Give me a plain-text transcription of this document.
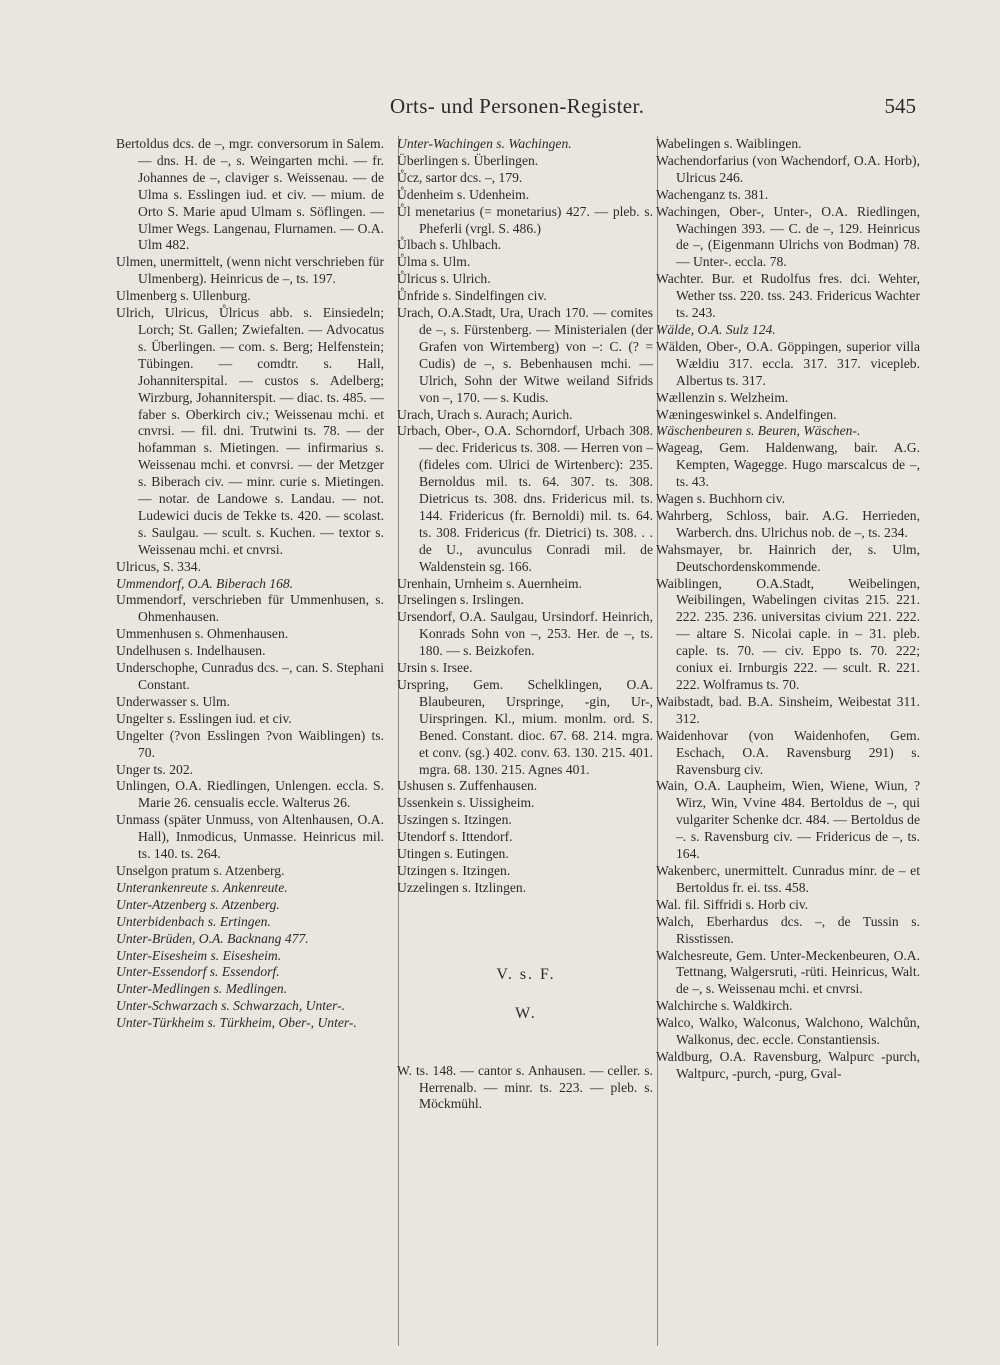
Orts- und Personen-Register.	545

Bertoldus dcs. de –, mgr. conversorum in Salem. — dns. H. de –, s. Weingarten mchi. — fr. Johannes de –, claviger s. Weissenau. — de Ulma s. Esslingen iud. et civ. — mium. de Orto S. Marie apud Ulmam s. Söflingen. — Ulmer Wegs. Langenau, Flurnamen. — O.A. Ulm 482.

Ulmen, unermittelt, (wenn nicht verschrieben für Ulmenberg). Heinricus de –, ts. 197.

Ulmenberg s. Ullenburg.

Ulrich, Ulricus, Ůlricus abb. s. Einsiedeln; Lorch; St. Gallen; Zwiefalten. — Advocatus s. Überlingen. — com. s. Berg; Helfenstein; Tübingen. — comdtr. s. Hall, Johanniterspital. — custos s. Adelberg; Wirzburg, Johanniterspit. — diac. ts. 485. — faber s. Oberkirch civ.; Weissenau mchi. et cnvrsi. — fil. dni. Trutwini ts. 78. — der hofamman s. Mietingen. — infirmarius s. Weissenau mchi. et convrsi. — der Metzger s. Biberach civ. — minr. curie s. Mietingen. — notar. de Landowe s. Landau. — not. Ludewici ducis de Tekke ts. 420. — scolast. s. Saulgau. — scult. s. Kuchen. — textor s. Weissenau mchi. et cnvrsi.

Ulricus, S. 334.

Ummendorf, O.A. Biberach 168.

Ummendorf, verschrieben für Ummenhusen, s. Ohmenhausen.

Ummenhusen s. Ohmenhausen.

Undelhusen s. Indelhausen.

Underschophe, Cunradus dcs. –, can. S. Stephani Constant.

Underwasser s. Ulm.

Ungelter s. Esslingen iud. et civ.

Ungelter (?von Esslingen ?von Waiblingen) ts. 70.

Unger ts. 202.

Unlingen, O.A. Riedlingen, Unlengen. eccla. S. Marie 26. censualis eccle. Walterus 26.

Unmass (später Unmuss, von Altenhausen, O.A. Hall), Inmodicus, Unmasse. Heinricus mil. ts. 140. ts. 264.

Unselgon pratum s. Atzenberg.

Unterankenreute s. Ankenreute.

Unter-Atzenberg s. Atzenberg.

Unterbidenbach s. Ertingen.

Unter-Brüden, O.A. Backnang 477.

Unter-Eisesheim s. Eisesheim.

Unter-Essendorf s. Essendorf.

Unter-Medlingen s. Medlingen.

Unter-Schwarzach s. Schwarzach, Unter-.

Unter-Türkheim s. Türkheim, Ober-, Unter-.

Unter-Wachingen s. Wachingen.

Überlingen s. Überlingen.

Ůcz, sartor dcs. –, 179.

Ůdenheim s. Udenheim.

Ůl menetarius (= monetarius) 427. — pleb. s. Pheferli (vrgl. S. 486.)

Ůlbach s. Uhlbach.

Ůlma s. Ulm.

Ůlricus s. Ulrich.

Ůnfride s. Sindelfingen civ.

Urach, O.A.Stadt, Ura, Urach 170. — comites de –, s. Fürstenberg. — Ministerialen (der Grafen von Wirtemberg) von –: C. (? = Cudis) de –, s. Bebenhausen mchi. — Ulrich, Sohn der Witwe weiland Sifrids von –, 170. — s. Kudis.

Urach, Urach s. Aurach; Aurich.

Urbach, Ober-, O.A. Schorndorf, Urbach 308. — dec. Fridericus ts. 308. — Herren von – (fideles com. Ulrici de Wirtenberc): 235. Bernoldus mil. ts. 64. 307. ts. 308. Dietricus ts. 308. dns. Fridericus mil. ts. 144. Fridericus (fr. Bernoldi) mil. ts. 64. ts. 308. Fridericus (fr. Dietrici) ts. 308. . . de U., avunculus Conradi mil. de Waldenstein sg. 166.

Urenhain, Urnheim s. Auernheim.

Urselingen s. Irslingen.

Ursendorf, O.A. Saulgau, Ursindorf. Heinrich, Konrads Sohn von –, 253. Her. de –, ts. 180. — s. Beizkofen.

Ursin s. Irsee.

Urspring, Gem. Schelklingen, O.A. Blaubeuren, Urspringe, -gin, Ur-, Uirspringen. Kl., mium. monlm. ord. S. Bened. Constant. dioc. 67. 68. 214. mgra. et conv. (sg.) 402. conv. 63. 130. 215. 401. mgra. 68. 130. 215. Agnes 401.

Ushusen s. Zuffenhausen.

Ussenkein s. Uissigheim.

Uszingen s. Itzingen.

Utendorf s. Ittendorf.

Utingen s. Eutingen.

Utzingen s. Itzingen.

Uzzelingen s. Itzlingen.

V. s. F.
W.

W. ts. 148. — cantor s. Anhausen. — celler. s. Herrenalb. — minr. ts. 223. — pleb. s. Möckmühl.

Wabelingen s. Waiblingen.

Wachendorfarius (von Wachendorf, O.A. Horb), Ulricus 246.

Wachenganz ts. 381.

Wachingen, Ober-, Unter-, O.A. Riedlingen, Wachingen 393. — C. de –, 129. Heinricus de –, (Eigenmann Ulrichs von Bodman) 78. — Unter-. eccla. 78.

Wachter. Bur. et Rudolfus fres. dci. Wehter, Wether tss. 220. tss. 243. Fridericus Wachter ts. 243.

Wälde, O.A. Sulz 124.

Wälden, Ober-, O.A. Göppingen, superior villa Wældiu 317. eccla. 317. 317. vicepleb. Albertus ts. 317.

Wællenzin s. Welzheim.

Wæningeswinkel s. Andelfingen.

Wäschenbeuren s. Beuren, Wäschen-.

Wageag, Gem. Haldenwang, bair. A.G. Kempten, Wagegge. Hugo marscalcus de –, ts. 43.

Wagen s. Buchhorn civ.

Wahrberg, Schloss, bair. A.G. Herrieden, Warberch. dns. Ulrichus nob. de –, ts. 234.

Wahsmayer, br. Hainrich der, s. Ulm, Deutschordenskommende.

Waiblingen, O.A.Stadt, Weibelingen, Weibilingen, Wabelingen civitas 215. 221. 222. 235. 236. universitas civium 221. 222. — altare S. Nicolai caple. in – 31. pleb. caple. ts. 70. — civ. Eppo ts. 70. 222; coniux ei. Irnburgis 222. — scult. R. 221. 222. Wolframus ts. 70.

Waibstadt, bad. B.A. Sinsheim, Weibestat 311. 312.

Waidenhovar (von Waidenhofen, Gem. Eschach, O.A. Ravensburg 291) s. Ravensburg civ.

Wain, O.A. Laupheim, Wien, Wiene, Wiun, ?Wirz, Win, Vvine 484. Bertoldus de –, qui vulgariter Schenke dcr. 484. — Bertoldus de –. s. Ravensburg civ. — Fridericus de –, ts. 164.

Wakenberc, unermittelt. Cunradus minr. de – et Bertoldus fr. ei. tss. 458.

Wal. fil. Siffridi s. Horb civ.

Walch, Eberhardus dcs. –, de Tussin s. Risstissen.

Walchesreute, Gem. Unter-Meckenbeuren, O.A. Tettnang, Walgersruti, -rüti. Heinricus, Walt. de –, s. Weissenau mchi. et cnvrsi.

Walchirche s. Waldkirch.

Walco, Walko, Walconus, Walchono, Walchůn, Walkonus, dec. eccle. Constantiensis.

Waldburg, O.A. Ravensburg, Walpurc -purch, Waltpurc, -purch, -purg, Gval-
